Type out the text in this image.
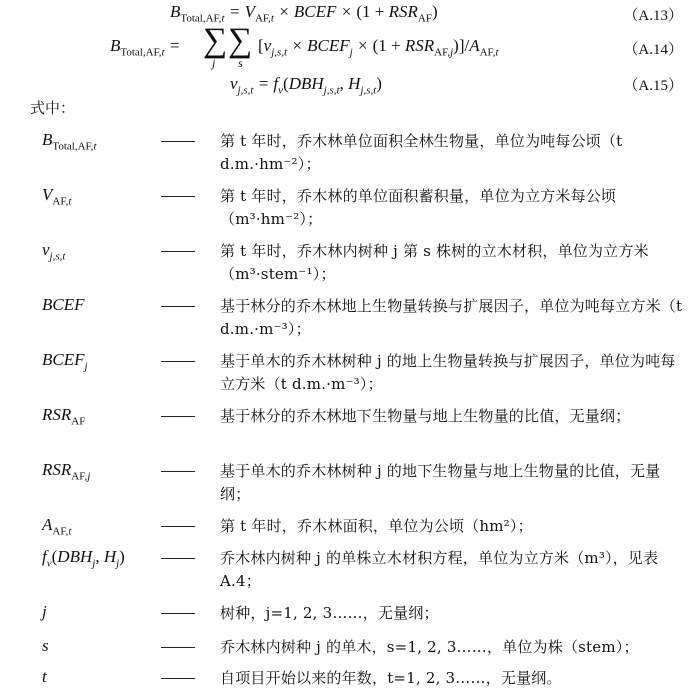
$B_{Total,AF,t} = V_{AF,t}$ × BCEF × $(1 + RSR_{AF})$	（A.13）
$B_{Total,AF,t}$ = ∑
j
∑
s
[$v_{j,s,t}$ × $BCEF_j \times (1 + RSR_{AF,j})]/A_{AF,t}$	（A.14）
$v_{j,s,t} = f_v(DBH_{j,s,t}$, $H_{j,s,t}$)	（A.15）
式中：
$B_{Total,AF,t}$	第 t 年时，乔木林单位面积全林生物量，单位为吨每公顷（t d.m.·hm⁻²）；
$V_{AF,t}$	第 t 年时，乔木林的单位面积蓄积量，单位为立方米每公顷（m³·hm⁻²）；
$v_{j,s,t}$	第 t 年时，乔木林内树种 j 第 s 株树的立木材积，单位为立方米（m³·stem⁻¹）；
BCEF	基于林分的乔木林地上生物量转换与扩展因子，单位为吨每立方米（t d.m.·m⁻³）；
$BCEF_j$	基于单木的乔木林树种 j 的地上生物量转换与扩展因子，单位为吨每立方米（t d.m.·m⁻³）；
$RSR_{AF}$	基于林分的乔木林地下生物量与地上生物量的比值，无量纲；
$RSR_{AF,j}$	基于单木的乔木林树种 j 的地下生物量与地上生物量的比值，无量纲；
$A_{AF,t}$	第 t 年时，乔木林面积，单位为公顷（hm²）；
$f_v(DBH_j$, $H_j$)	乔木林内树种 j 的单株立木材积方程，单位为立方米（m³），见表 A.4；
j	树种，j=1, 2, 3……，无量纲；
s	乔木林内树种 j 的单木，s=1, 2, 3……，单位为株（stem）；
t	自项目开始以来的年数，t=1, 2, 3……，无量纲。
